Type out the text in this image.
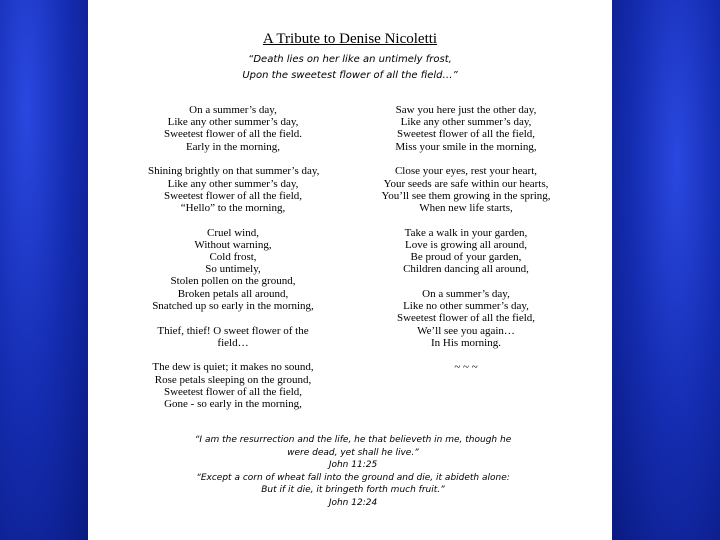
A Tribute to Denise Nicoletti
“Death lies on her like an untimely frost,
Upon the sweetest flower of all the field…”
On a summer’s day,
Like any other summer’s day,
Sweetest flower of all the field.
Early in the morning,
Shining brightly on that summer’s day,
Like any other summer’s day,
Sweetest flower of all the field,
“Hello” to the morning,
Cruel wind,
Without warning,
Cold frost,
So untimely,
Stolen pollen on the ground,
Broken petals all around,
Snatched up so early in the morning,
Thief, thief! O sweet flower of the
field…
The dew is quiet; it makes no sound,
Rose petals sleeping on the ground,
Sweetest flower of all the field,
Gone - so early in the morning,
Saw you here just the other day,
Like any other summer’s day,
Sweetest flower of all the field,
Miss your smile in the morning,
Close your eyes, rest your heart,
Your seeds are safe within our hearts,
You’ll see them growing in the spring,
When new life starts,
Take a walk in your garden,
Love is growing all around,
Be proud of your garden,
Children dancing all around,
On a summer’s day,
Like no other summer’s day,
Sweetest flower of all the field,
We’ll see you again…
In His morning.
~ ~ ~
“I am the resurrection and the life, he that believeth in me, though he
were dead, yet shall he live.”
John 11:25
“Except a corn of wheat fall into the ground and die, it abideth alone:
But if it die, it bringeth forth much fruit.”
John 12:24
